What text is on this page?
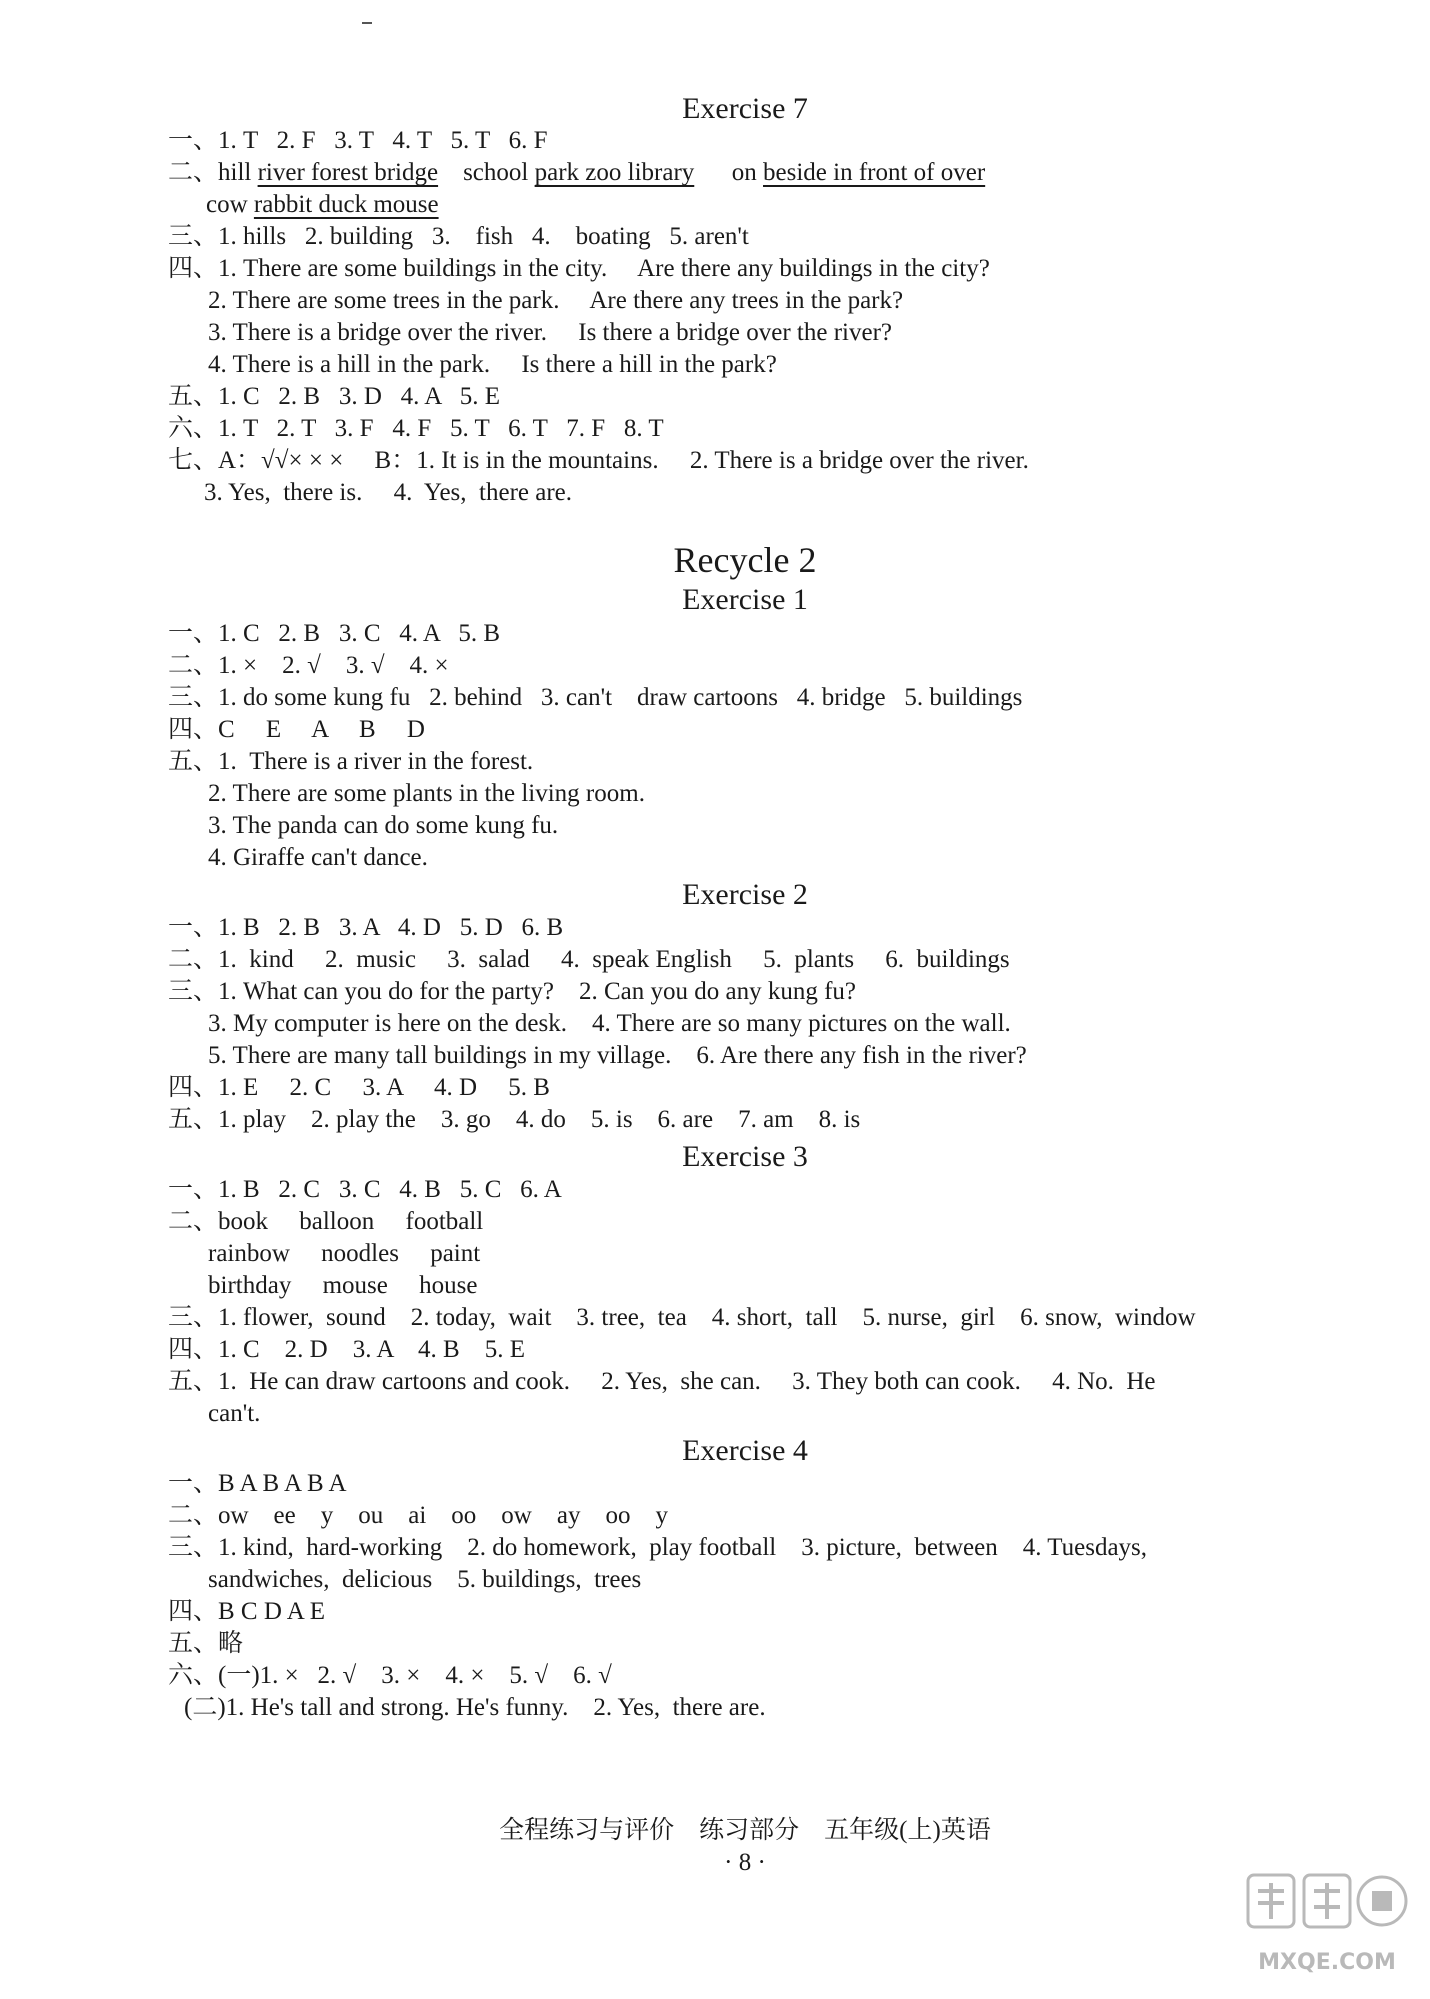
Exercise 7
一、1. T   2. F   3. T   4. T   5. T   6. F
二、hill river forest bridge    school park zoo library      on beside in front of over
cow rabbit duck mouse
三、1. hills   2. building   3.    fish   4.    boating   5. aren't
四、1. There are some buildings in the city.     Are there any buildings in the city?
2. There are some trees in the park.     Are there any trees in the park?
3. There is a bridge over the river.     Is there a bridge over the river?
4. There is a hill in the park.     Is there a hill in the park?
五、1. C   2. B   3. D   4. A   5. E
六、1. T   2. T   3. F   4. F   5. T   6. T   7. F   8. T
七、A：√√× × ×     B：1. It is in the mountains.     2. There is a bridge over the river.
3. Yes,  there is.     4.  Yes,  there are.
Recycle 2
Exercise 1
一、1. C   2. B   3. C   4. A   5. B
二、1. ×    2. √    3. √    4. ×
三、1. do some kung fu   2. behind   3. can't    draw cartoons   4. bridge   5. buildings
四、C     E     A     B     D
五、1.  There is a river in the forest.
2. There are some plants in the living room.
3. The panda can do some kung fu.
4. Giraffe can't dance.
Exercise 2
一、1. B   2. B   3. A   4. D   5. D   6. B
二、1.  kind     2.  music     3.  salad     4.  speak English     5.  plants     6.  buildings
三、1. What can you do for the party?    2. Can you do any kung fu?
3. My computer is here on the desk.    4. There are so many pictures on the wall.
5. There are many tall buildings in my village.    6. Are there any fish in the river?
四、1. E     2. C     3. A     4. D     5. B
五、1. play    2. play the    3. go    4. do    5. is    6. are    7. am    8. is
Exercise 3
一、1. B   2. C   3. C   4. B   5. C   6. A
二、book     balloon     football
rainbow     noodles     paint
birthday     mouse     house
三、1. flower,  sound    2. today,  wait    3. tree,  tea    4. short,  tall    5. nurse,  girl    6. snow,  window
四、1. C    2. D    3. A    4. B    5. E
五、1.  He can draw cartoons and cook.     2. Yes,  she can.     3. They both can cook.     4. No.  He
can't.
Exercise 4
一、B A B A B A
二、ow    ee    y    ou    ai    oo    ow    ay    oo    y
三、1. kind,  hard-working    2. do homework,  play football    3. picture,  between    4. Tuesdays,
sandwiches,  delicious    5. buildings,  trees
四、B C D A E
五、略
六、(一)1. ×   2. √    3. ×    4. ×    5. √    6. √
(二)1. He's tall and strong. He's funny.    2. Yes,  there are.
全程练习与评价    练习部分    五年级(上)英语
· 8 ·
MXQE.COM
